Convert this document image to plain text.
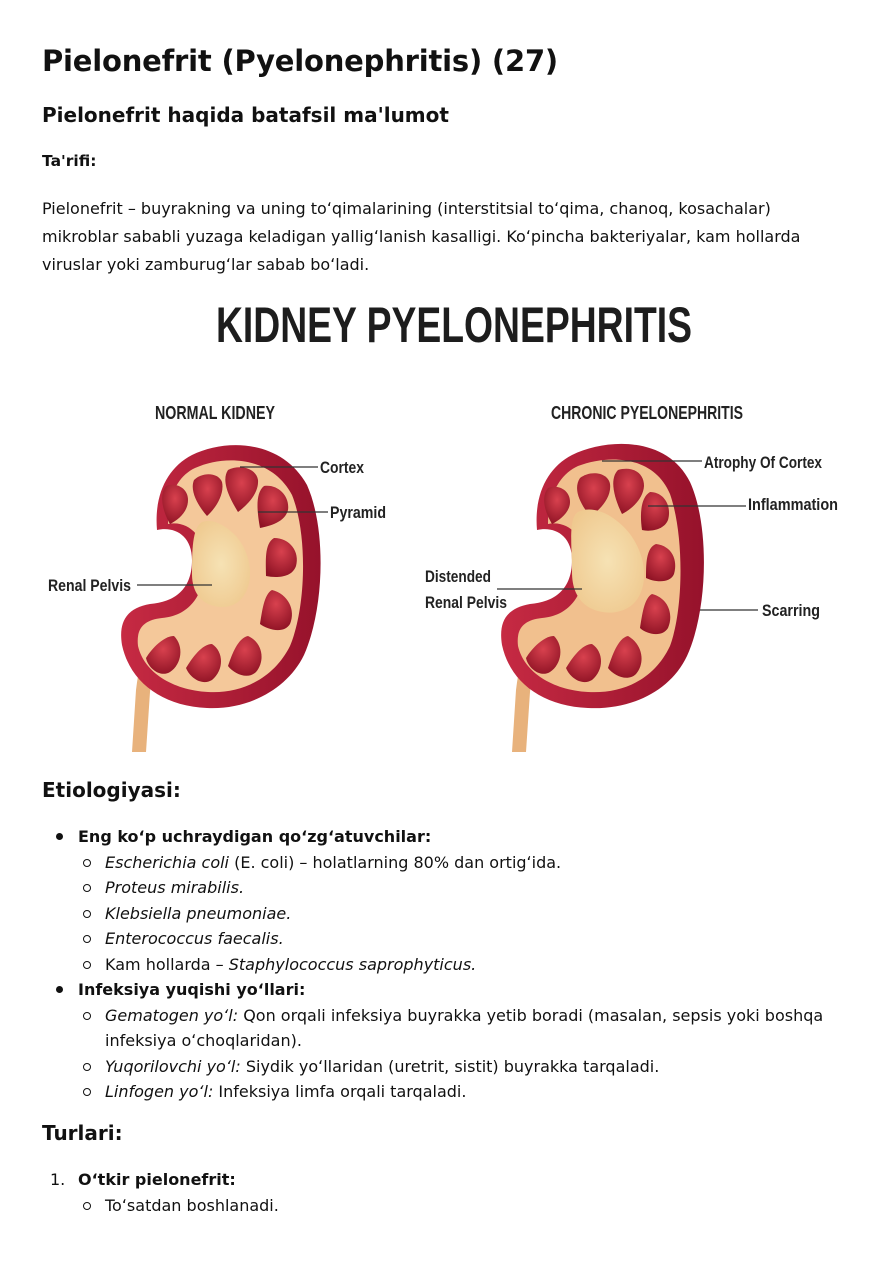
Pielonefrit (Pyelonephritis) (27)
Pielonefrit haqida batafsil ma'lumot
Ta'rifi:

Pielonefrit – buyrakning va uning toʻqimalarining (interstitsial toʻqima, chanoq, kosachalar) mikroblar sababli yuzaga keladigan yalligʻlanish kasalligi. Koʻpincha bakteriyalar, kam hollarda viruslar yoki zamburugʻlar sabab boʻladi.

KIDNEY PYELONEPHRITIS
NORMAL KIDNEY
Cortex
Pyramid
Renal Pelvis
CHRONIC PYELONEPHRITIS
Atrophy Of Cortex
Inflammation
Distended
Renal Pelvis	Scarring
Etiologiyasi:
Eng koʻp uchraydigan qoʻzgʻatuvchilar:
Escherichia coli (E. coli) – holatlarning 80% dan ortigʻida.
Proteus mirabilis.
Klebsiella pneumoniae.
Enterococcus faecalis.
Kam hollarda – Staphylococcus saprophyticus.
Infeksiya yuqishi yoʻllari:
Gematogen yoʻl: Qon orqali infeksiya buyrakka yetib boradi (masalan, sepsis yoki boshqa infeksiya oʻchoqlaridan).
Yuqorilovchi yoʻl: Siydik yoʻllaridan (uretrit, sistit) buyrakka tarqaladi.
Linfogen yoʻl: Infeksiya limfa orqali tarqaladi.
Turlari:
1. Oʻtkir pielonefrit:
Toʻsatdan boshlanadi.
